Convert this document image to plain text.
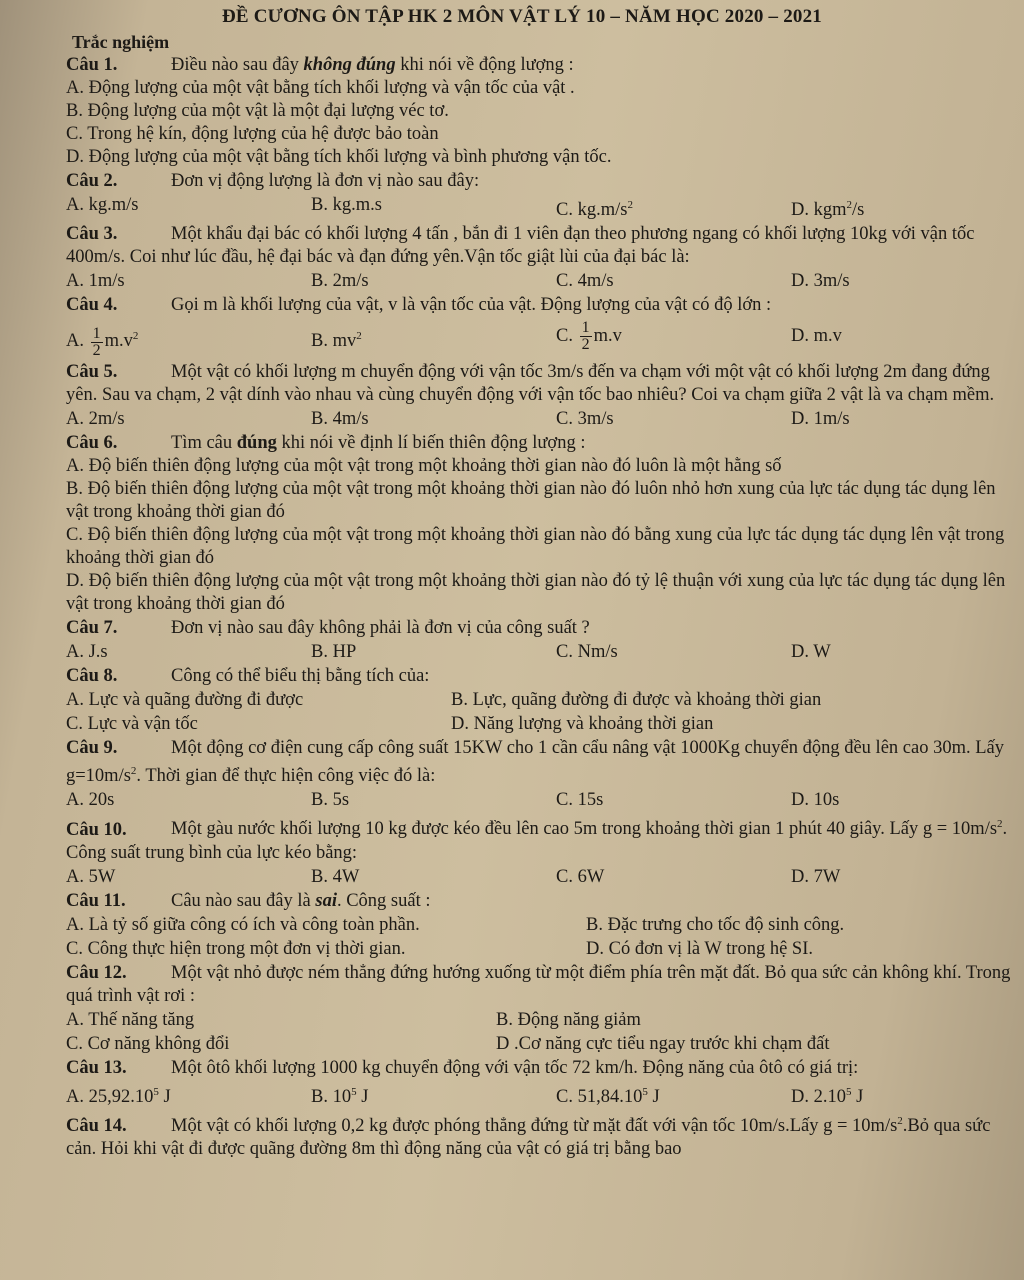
ĐỀ CƯƠNG ÔN TẬP HK 2 MÔN VẬT LÝ 10 – NĂM HỌC 2020 – 2021
Trắc nghiệm
Câu 1.	Điều nào sau đây không đúng khi nói về động lượng :
A. Động lượng của một vật bằng tích khối lượng và vận tốc của vật .
B. Động lượng của một vật là một đại lượng véc tơ.
C. Trong hệ kín, động lượng của hệ được bảo toàn
D. Động lượng của một vật bằng tích khối lượng và bình phương vận tốc.
Câu 2.	Đơn vị động lượng là đơn vị nào sau đây:
A. kg.m/s	B. kg.m.s	C. $kg.m/s^2$	D. kgm$^2$/s
Câu 3.	Một khẩu đại bác có khối lượng 4 tấn , bắn đi 1 viên đạn theo phương ngang có khối lượng 10kg với vận tốc 400m/s. Coi như lúc đầu, hệ đại bác và đạn đứng yên.Vận tốc giật lùi của đại bác là:
A. 1m/s	B. 2m/s	C. 4m/s	D. 3m/s
Câu 4.	Gọi m là khối lượng của vật, v là vận tốc của vật. Động lượng của vật có độ lớn :
A. $\frac{1}{2} m.v^2$	B. $mv^2$	C. $\frac{1}{2} m.v$	D. m.v
Câu 5.	Một vật có khối lượng m chuyển động với vận tốc 3m/s đến va chạm với một vật có khối lượng 2m đang đứng yên. Sau va chạm, 2 vật dính vào nhau và cùng chuyển động với vận tốc bao nhiêu? Coi va chạm giữa 2 vật là va chạm mềm.
A. 2m/s	B. 4m/s	C. 3m/s	D. 1m/s
Câu 6.	Tìm câu đúng khi nói về định lí biến thiên động lượng :
A. Độ biến thiên động lượng của một vật trong một khoảng thời gian nào đó luôn là một hằng số
B. Độ biến thiên động lượng của một vật trong một khoảng thời gian nào đó luôn nhỏ hơn xung của lực tác dụng tác dụng lên vật trong khoảng thời gian đó
C. Độ biến thiên động lượng của một vật trong một khoảng thời gian nào đó bằng xung của lực tác dụng tác dụng lên vật trong khoảng thời gian đó
D. Độ biến thiên động lượng của một vật trong một khoảng thời gian nào đó tỷ lệ thuận với xung của lực tác dụng tác dụng lên vật trong khoảng thời gian đó
Câu 7.	Đơn vị nào sau đây không phải là đơn vị của công suất ?
A. J.s	B. HP	C. Nm/s	D. W
Câu 8.	Công có thể biểu thị bằng tích của:
A. Lực và quãng đường đi được	B. Lực, quãng đường đi được và khoảng thời gian
C. Lực và vận tốc	D. Năng lượng và khoảng thời gian
Câu 9.	Một động cơ điện cung cấp công suất 15KW cho 1 cần cẩu nâng vật 1000Kg chuyển động đều lên cao 30m. Lấy $g=10m/s^2$. Thời gian để thực hiện công việc đó là:
A. 20s	B. 5s	C. 15s	D. 10s
Câu 10. Một gàu nước khối lượng 10 kg được kéo đều lên cao 5m trong khoảng thời gian 1 phút 40 giây. Lấy $g = 10m/s^2$. Công suất trung bình của lực kéo bằng:
A. 5W	B. 4W	C. 6W	D. 7W
Câu 11. Câu nào sau đây là sai. Công suất :
A. Là tỷ số giữa công có ích và công toàn phần.	B. Đặc trưng cho tốc độ sinh công.
C. Công thực hiện trong một đơn vị thời gian.	D. Có đơn vị là W trong hệ SI.
Câu 12. Một vật nhỏ được ném thẳng đứng hướng xuống từ một điểm phía trên mặt đất. Bỏ qua sức cản không khí. Trong quá trình vật rơi :
A. Thế năng tăng	B. Động năng giảm
C. Cơ năng không đổi	D .Cơ năng cực tiểu ngay trước khi chạm đất
Câu 13. Một ôtô khối lượng 1000 kg chuyển động với vận tốc 72 km/h. Động năng của ôtô có giá trị:
A. 25,92.10$^5$ J	B. $10^5$ J	C. 51,84.10$^5$ J	D. 2.10$^5$ J
Câu 14. Một vật có khối lượng 0,2 kg được phóng thẳng đứng từ mặt đất với vận tốc 10m/s.Lấy $g = 10m/s^2.Bỏ$ qua sức cản. Hỏi khi vật đi được quãng đường 8m thì động năng của vật có giá trị bằng bao
